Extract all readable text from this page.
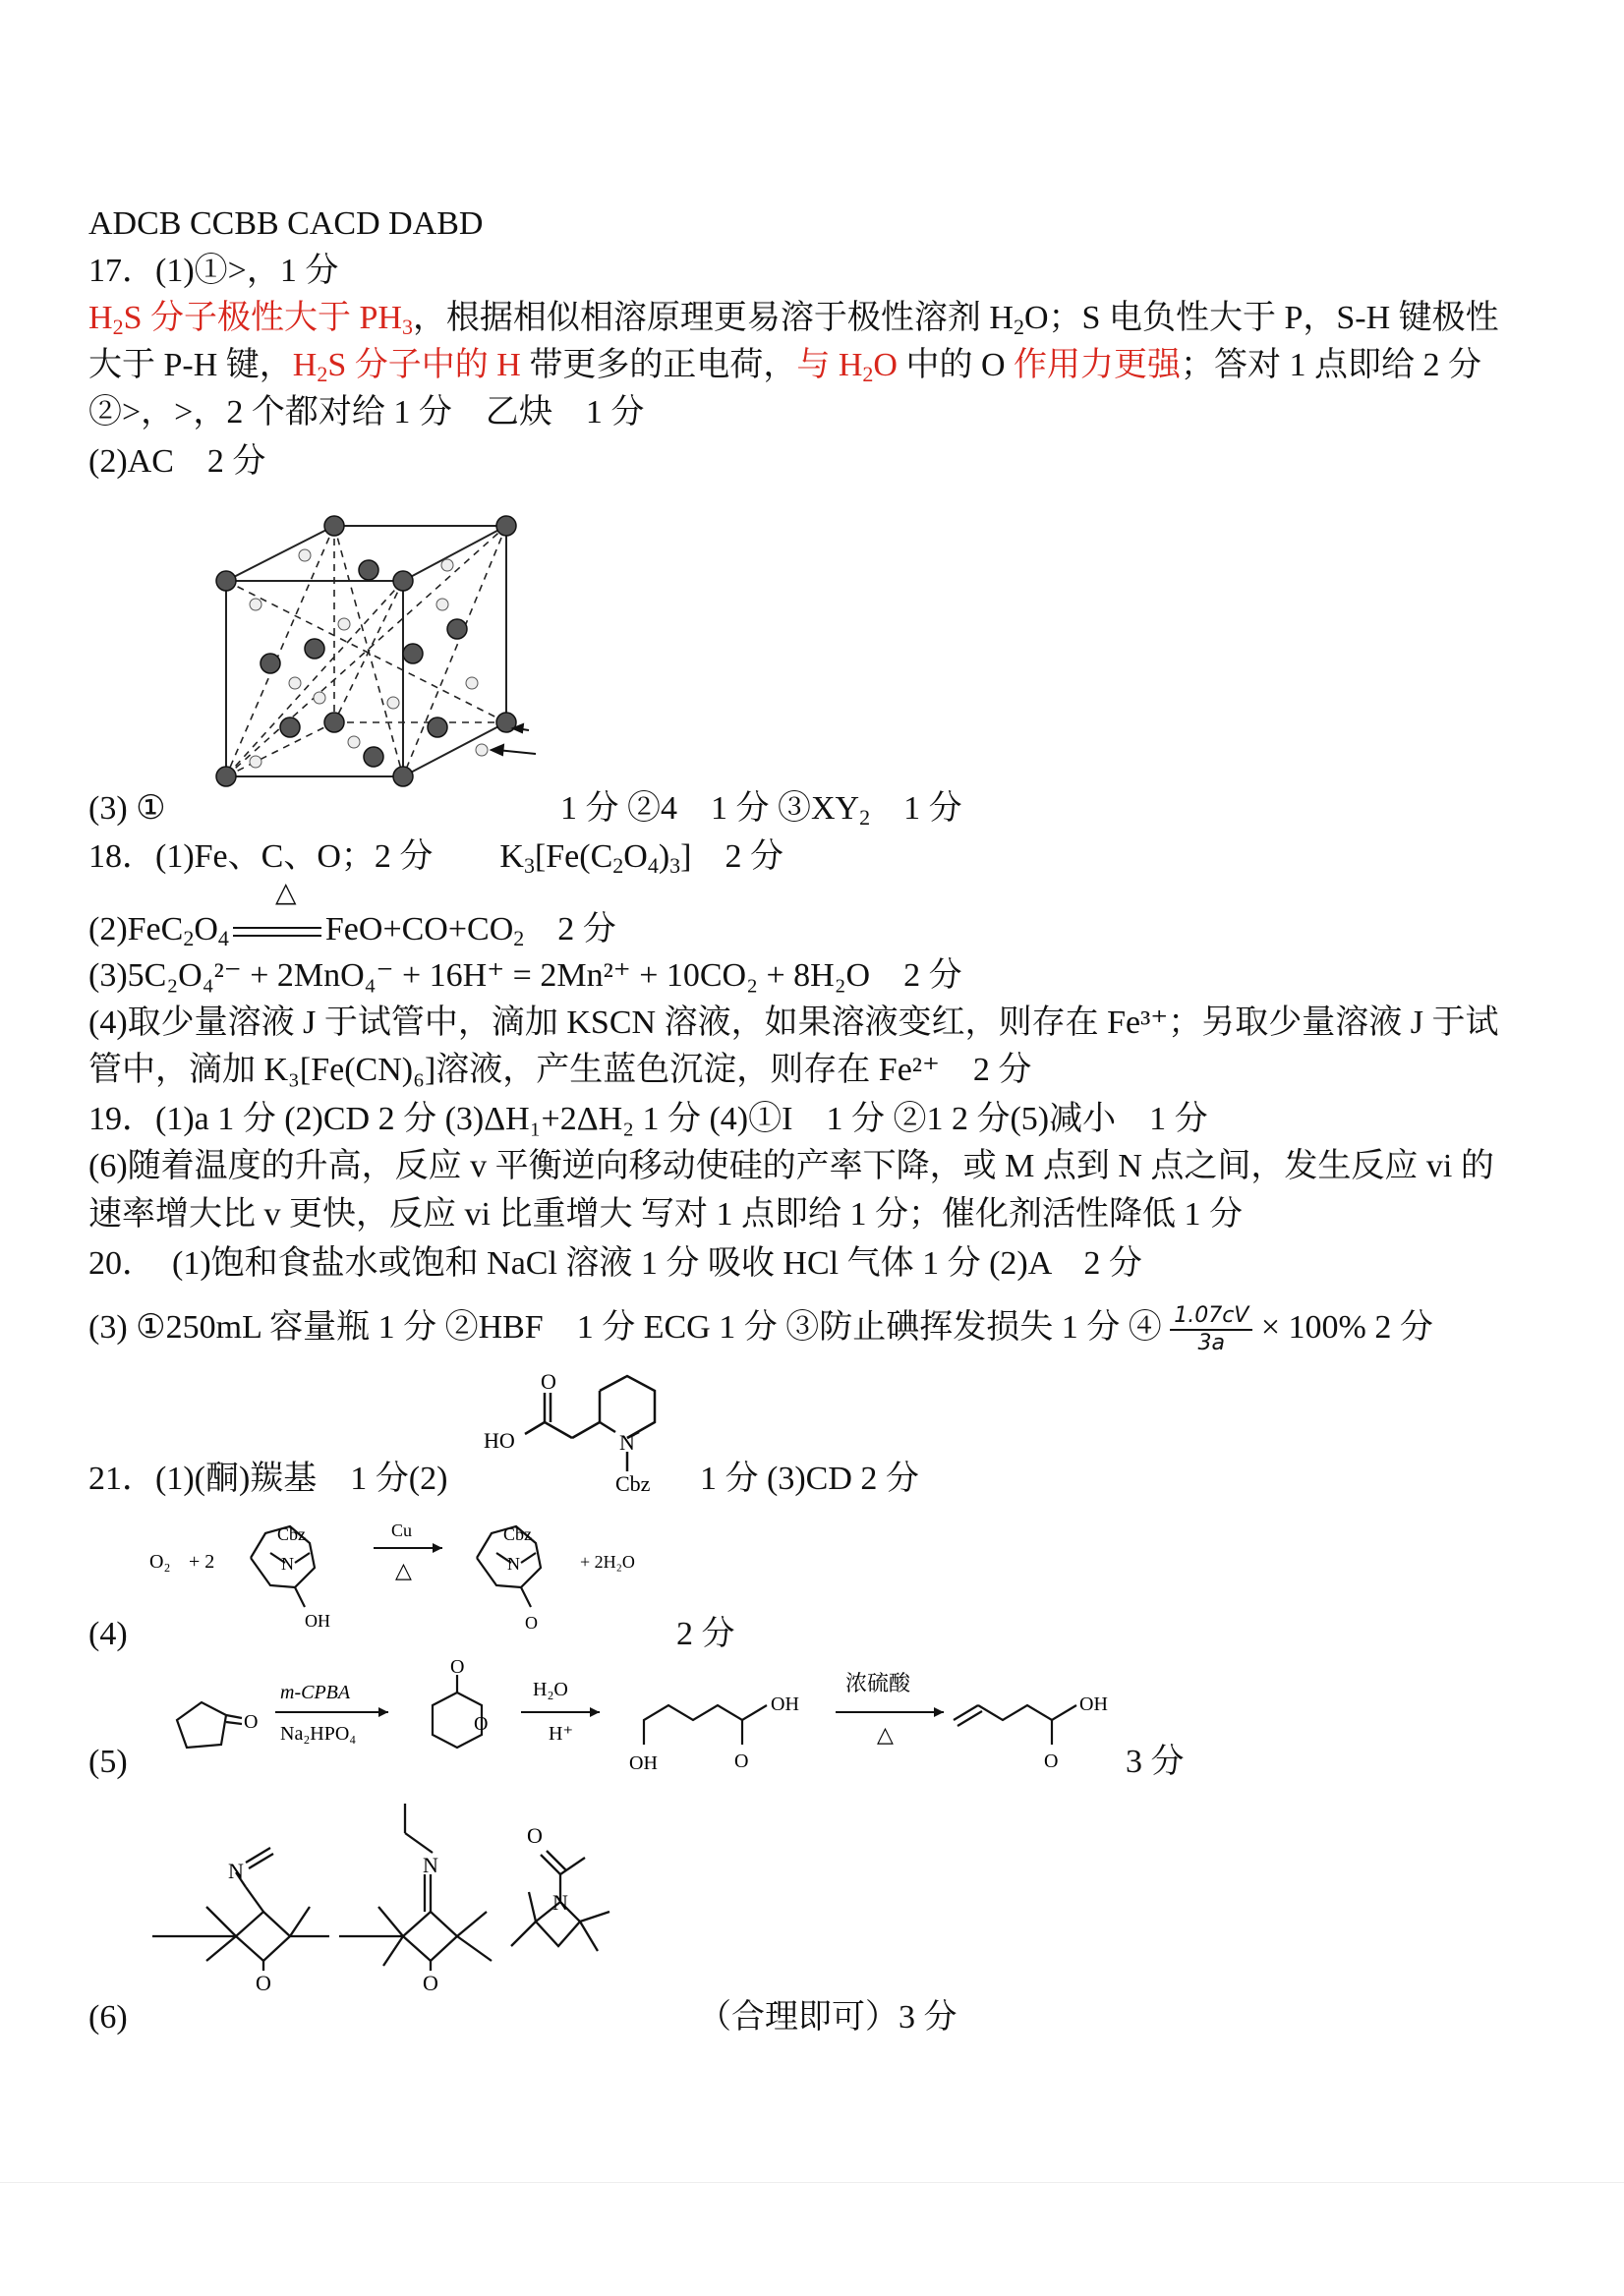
ADCB CCBB CACD DABD
17．(1)①>，1 分
$H_2S$ 分子极性大于 $PH_3$，根据相似相溶原理更易溶于极性溶剂 $H_2O$；S 电负性大于 P，S-H 键极性
大于 P-H 键，$H_2S$ 分子中的 H 带更多的正电荷，与 $H_2O$ 中的 O 作用力更强；答对 1 点即给 2 分
②>，>，2 个都对给 1 分　乙炔　1 分
(2)AC　2 分
(3) ①	1 分 ②4　1 分 $③XY_2$　1 分
18．(1)Fe、C、O；2 分　　$K_3[Fe(C_2O_4)_3]$　2 分
△
$(2)FeC_2O_4$	$FeO+CO+CO_2$　2 分
(3)5C₂O₄²⁻ + 2MnO₄⁻ + 16H⁺ = 2Mn²⁺ + 10CO₂ + 8H₂O　2 分
(4)取少量溶液 J 于试管中，滴加 KSCN 溶液，如果溶液变红，则存在 Fe³⁺；另取少量溶液 J 于试
管中，滴加 K₃[Fe(CN)₆]溶液，产生蓝色沉淀，则存在 Fe²⁺　2 分
19．(1)a 1 分 (2)CD 2 分 (3)ΔH₁+2ΔH₂ 1 分 (4)①I　1 分 ②1 2 分(5)减小　1 分
(6)随着温度的升高，反应 v 平衡逆向移动使硅的产率下降，或 M 点到 N 点之间，发生反应 vi 的
速率增大比 v 更快，反应 vi 比重增大 写对 1 点即给 1 分；催化剂活性降低 1 分
20．　(1)饱和食盐水或饱和 NaCl 溶液 1 分 吸收 HCl 气体 1 分 (2)A　2 分
(3) ①250mL 容量瓶 1 分 ②HBF　1 分 ECG 1 分 ③防止碘挥发损失 1 分 ④ $\frac{1.07cV}{3a} \times 100\%$ 2 分
21．(1)(酮)羰基　1 分(2)
O
HO	N
Cbz 1 分 (3)CD 2 分
O₂ + 2
Cbz
N
OH
Cu
△
Cbz
N
O
+ 2H₂O
(4)	2 分
O
m-CPBA
Na₂HPO₄
O
O
H₂O
H⁺
OH	O
OH
浓硫酸
△
O
OH
(5)	3 分
N
O
N
O
N
O
(6)	（合理即可）3 分
